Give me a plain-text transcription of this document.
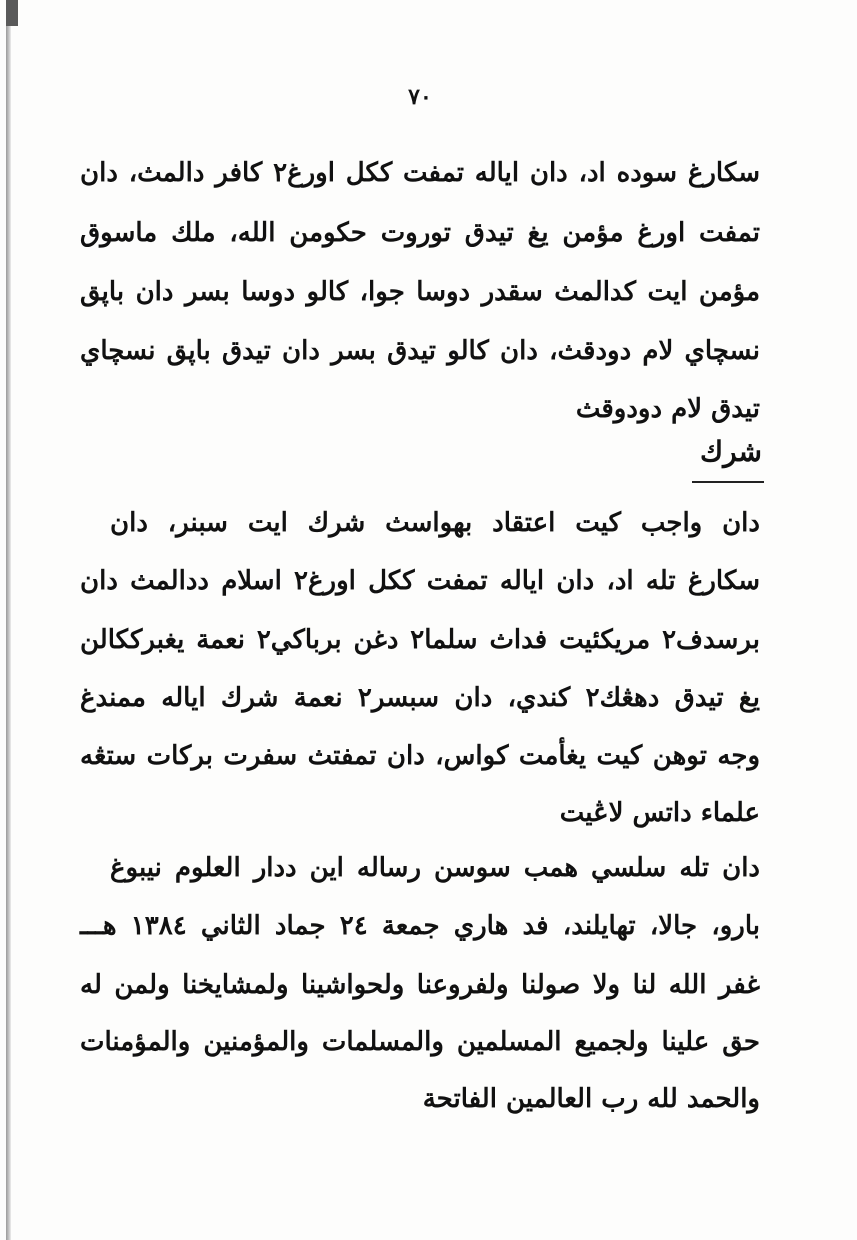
٧٠
سكارغ سوده اد، دان اياله تمفت ككل اورغ٢ كافر دالمث، دان
تمفت اورغ مؤمن يغ تيدق توروت حكومن الله، ملك ماسوق
مؤمن ايت كدالمث سقدر دوسا جوا، كالو دوسا بسر دان باپق
نسچاي لام دودقث، دان كالو تيدق بسر دان تيدق باپق نسچاي
تيدق لام دودوقث
شرك
دان واجب كيت اعتقاد بهواسث شرك ايت سبنر، دان
سكارغ تله اد، دان اياله تمفت ككل اورغ٢ اسلام ددالمث دان
برسدف٢ مريكئيت فداث سلما٢ دغن برباكي٢ نعمة يغبرككالن
يغ تيدق دهڠك٢ كندي، دان سبسر٢ نعمة شرك اياله ممندغ
وجه توهن كيت يغأمت كواس، دان تمفتث سفرت بركات ستڠه
علماء داتس لاڠيت
دان تله سلسي همب سوسن رساله اين ددار العلوم نيبوغ
بارو، جالا، تهايلند، فد هاري جمعة ٢٤ جماد الثاني ١٣٨٤ هـــ
غفر الله لنا ولا صولنا ولفروعنا ولحواشينا ولمشايخنا ولمن له
حق علينا ولجميع المسلمين والمسلمات والمؤمنين والمؤمنات
والحمد لله رب العالمين الفاتحة
